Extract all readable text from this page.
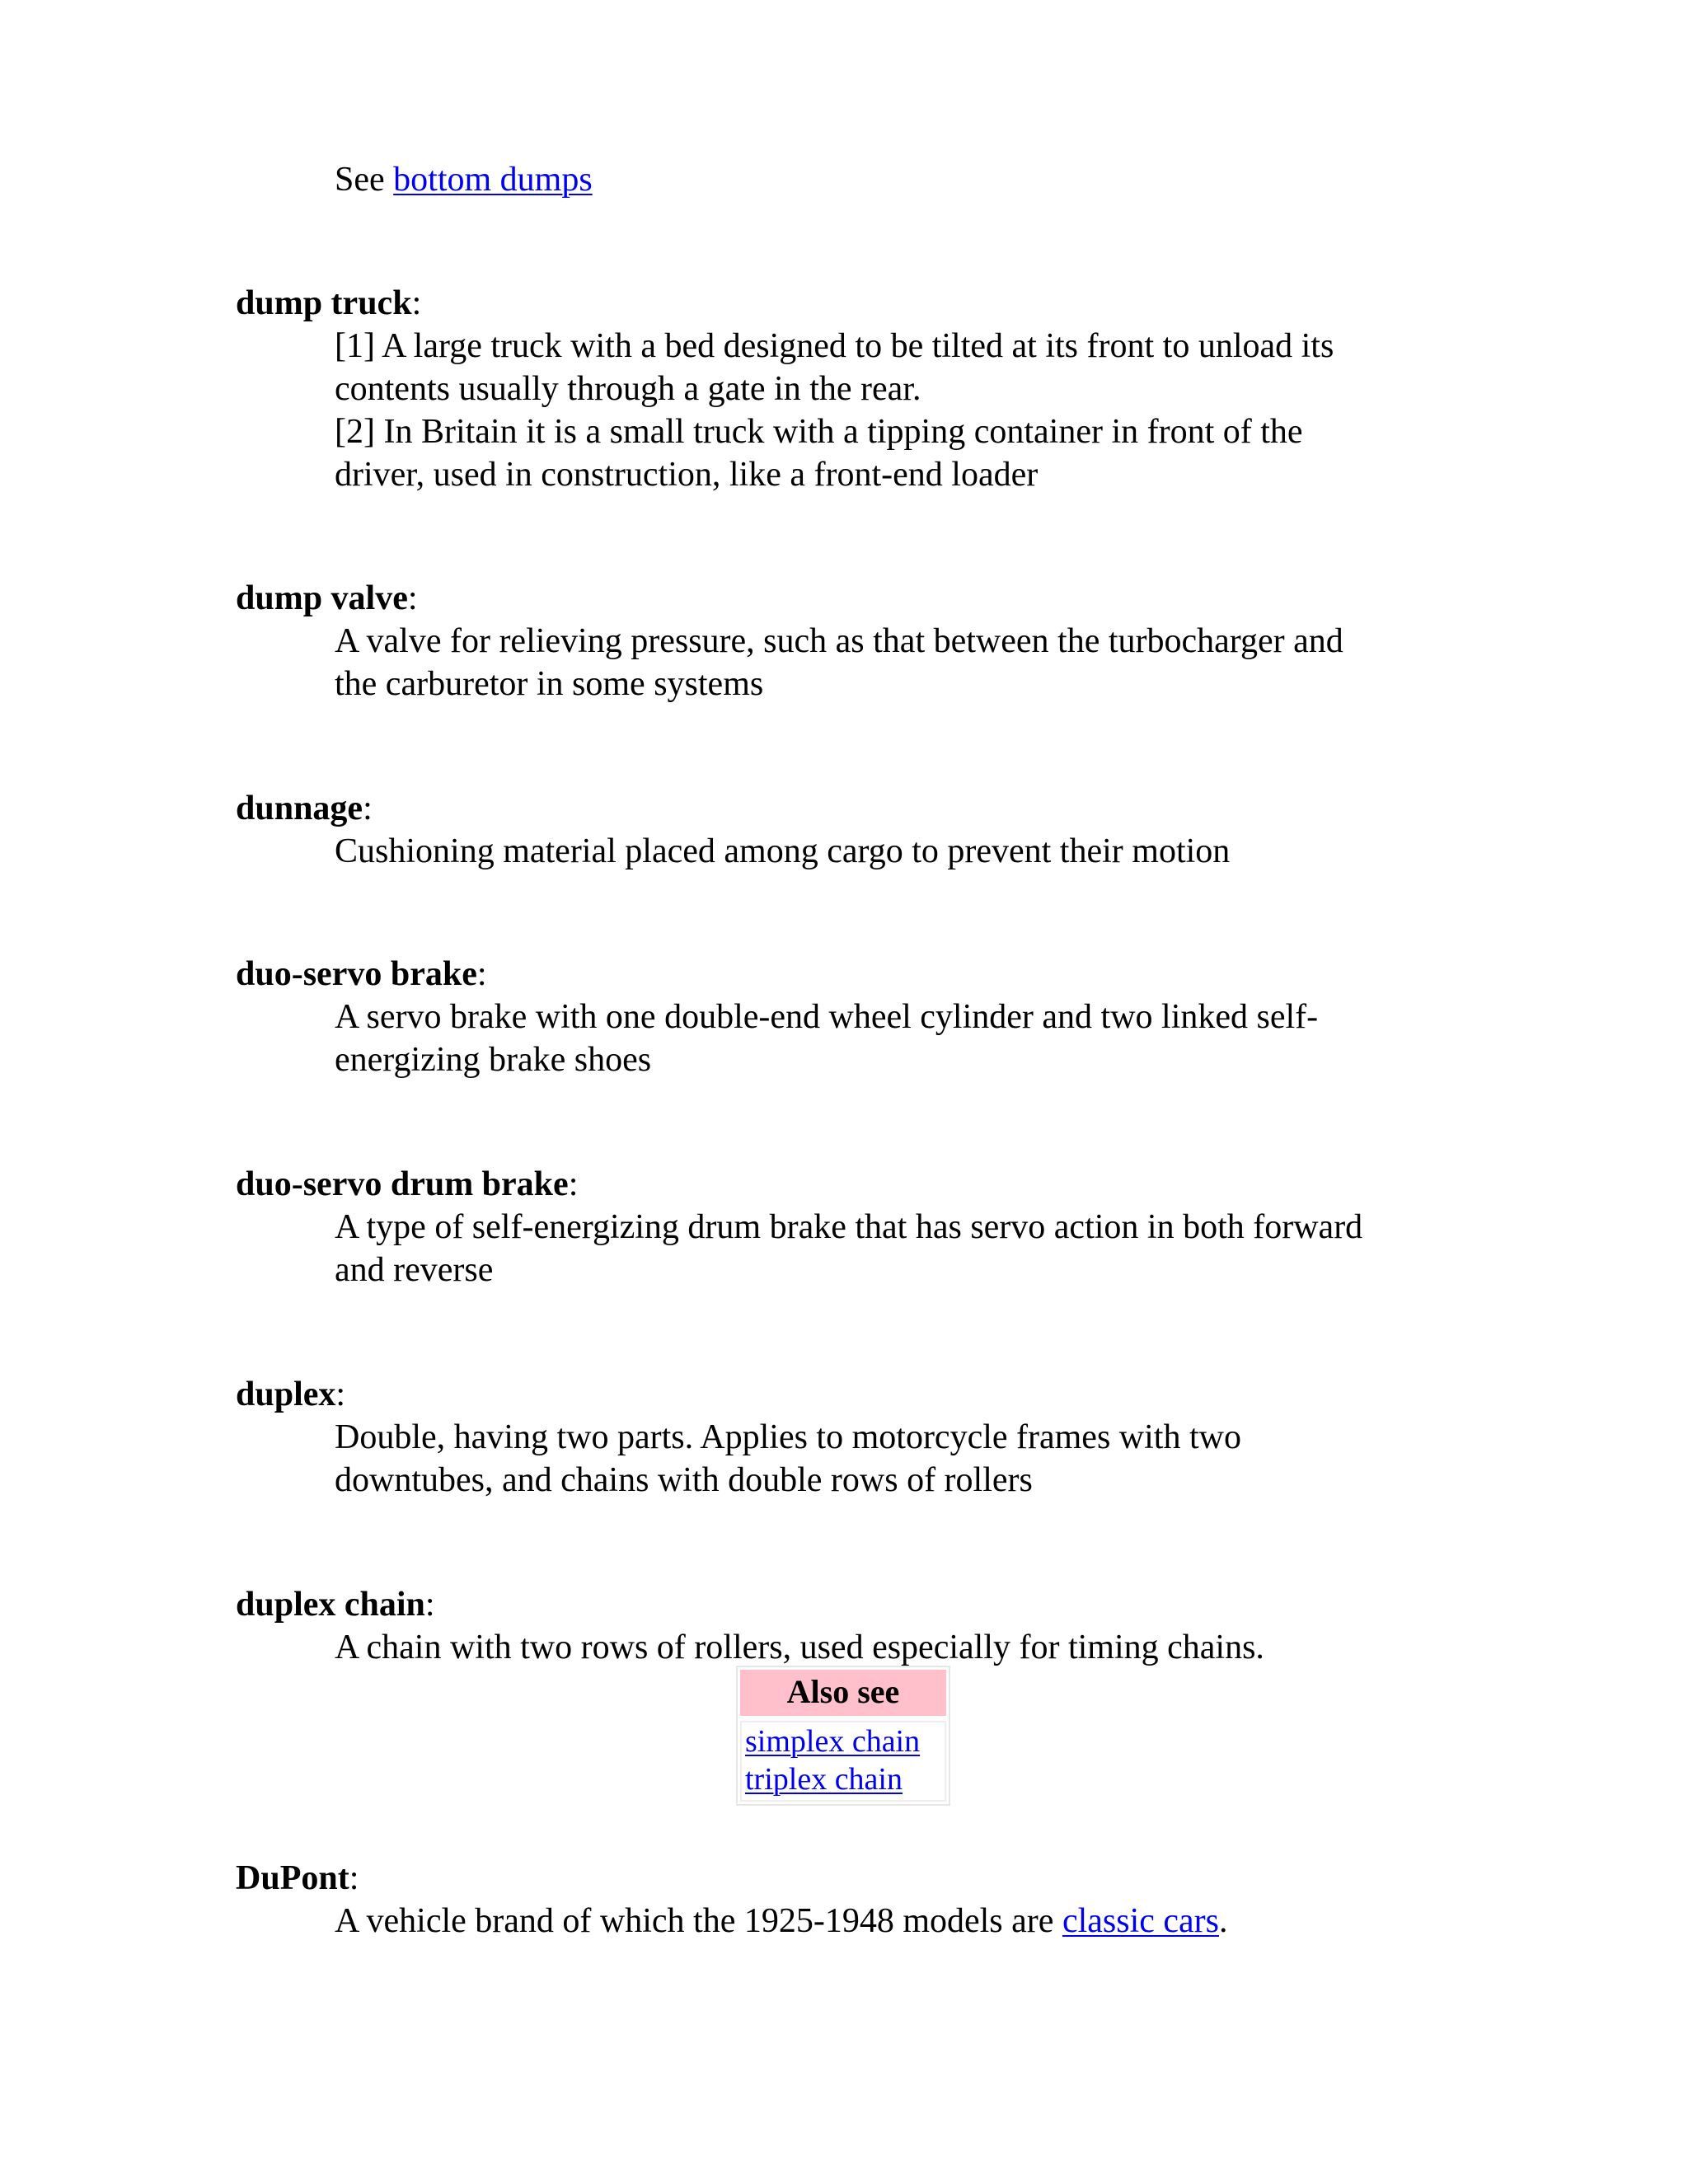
See bottom dumps
dump truck:
[1] A large truck with a bed designed to be tilted at its front to unload its
contents usually through a gate in the rear.
[2] In Britain it is a small truck with a tipping container in front of the
driver, used in construction, like a front-end loader
dump valve:
A valve for relieving pressure, such as that between the turbocharger and
the carburetor in some systems
dunnage:
Cushioning material placed among cargo to prevent their motion
duo-servo brake:
A servo brake with one double-end wheel cylinder and two linked self-
energizing brake shoes
duo-servo drum brake:
A type of self-energizing drum brake that has servo action in both forward
and reverse
duplex:
Double, having two parts. Applies to motorcycle frames with two
downtubes, and chains with double rows of rollers
duplex chain:
A chain with two rows of rollers, used especially for timing chains.
Also see
simplex chain
triplex chain
DuPont:
A vehicle brand of which the 1925-1948 models are classic cars.
